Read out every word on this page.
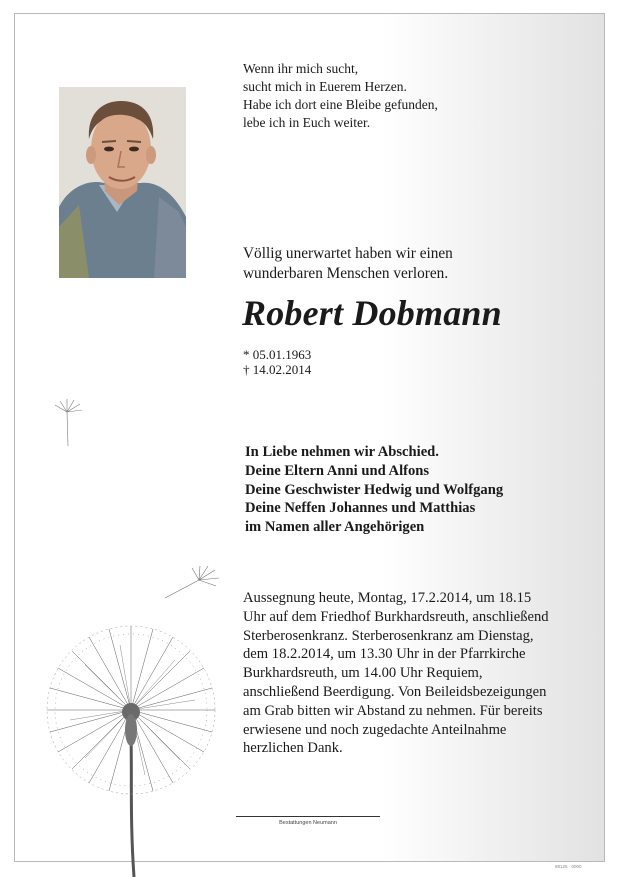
Wenn ihr mich sucht,
sucht mich in Euerem Herzen.
Habe ich dort eine Bleibe gefunden,
lebe ich in Euch weiter.
Völlig unerwartet haben wir einen
wunderbaren Menschen verloren.
Robert Dobmann
* 05.01.1963
† 14.02.2014
In Liebe nehmen wir Abschied.
Deine Eltern Anni und Alfons
Deine Geschwister Hedwig und Wolfgang
Deine Neffen Johannes und Matthias
im Namen aller Angehörigen
Aussegnung heute, Montag, 17.2.2014, um 18.15
Uhr auf dem Friedhof Burkhardsreuth, anschließend
Sterberosenkranz. Sterberosenkranz am Dienstag,
dem 18.2.2014, um 13.30 Uhr in der Pfarrkirche
Burkhardsreuth, um 14.00 Uhr Requiem,
anschließend Beerdigung. Von Beileidsbezeigungen
am Grab bitten wir Abstand zu nehmen. Für bereits
erwiesene und noch zugedachte Anteilnahme
herzlichen Dank.
Bestattungen Neumann
88125 · 0000
